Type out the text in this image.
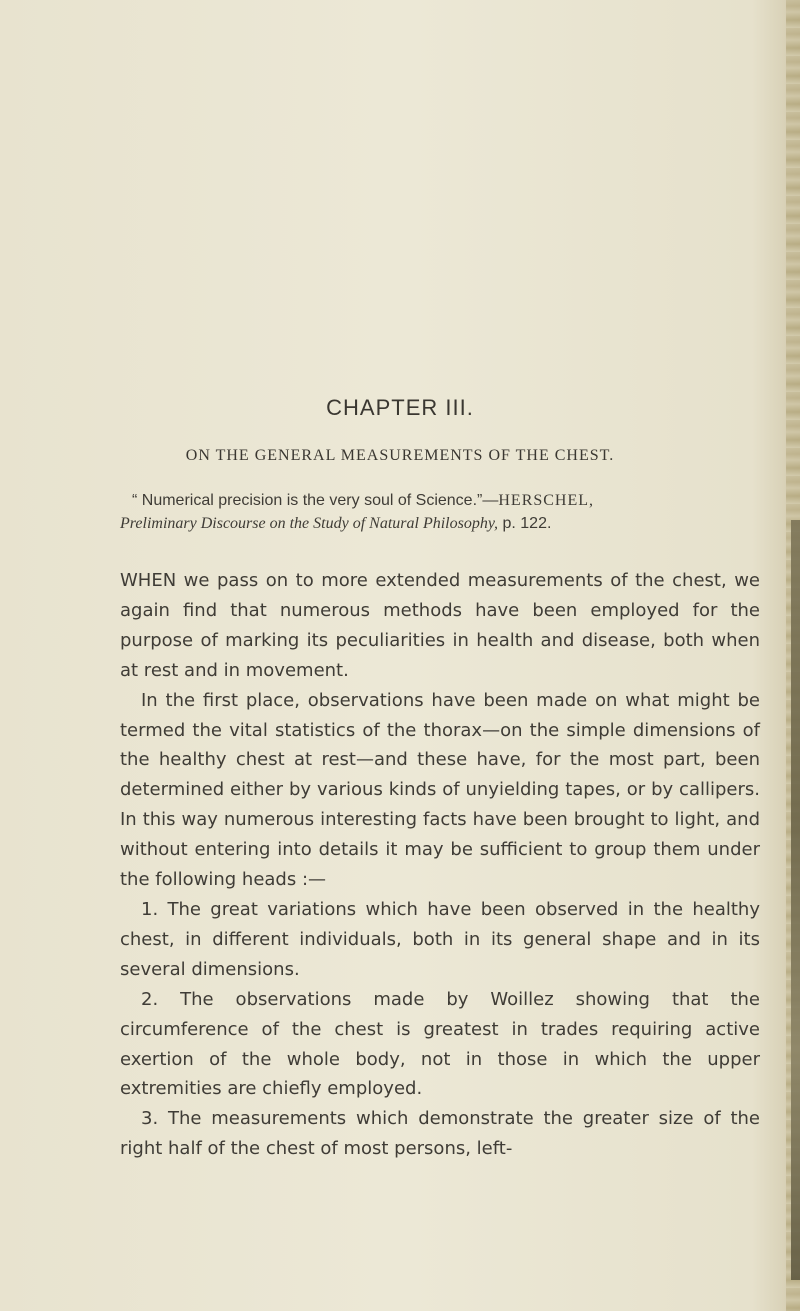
CHAPTER III.
ON THE GENERAL MEASUREMENTS OF THE CHEST.
“ Numerical precision is the very soul of Science.”—HERSCHEL,
Preliminary Discourse on the Study of Natural Philosophy, p. 122.

WHEN we pass on to more extended measurements of the chest, we again find that numerous methods have been employed for the purpose of marking its peculiarities in health and disease, both when at rest and in movement.

In the first place, observations have been made on what might be termed the vital statistics of the thorax—on the simple dimensions of the healthy chest at rest—and these have, for the most part, been determined either by various kinds of unyielding tapes, or by callipers. In this way numerous interesting facts have been brought to light, and without entering into details it may be sufficient to group them under the following heads :—

1. The great variations which have been observed in the healthy chest, in different individuals, both in its general shape and in its several dimensions.

2. The observations made by Woillez showing that the circumference of the chest is greatest in trades requiring active exertion of the whole body, not in those in which the upper extremities are chiefly employed.

3. The measurements which demonstrate the greater size of the right half of the chest of most persons, left-
